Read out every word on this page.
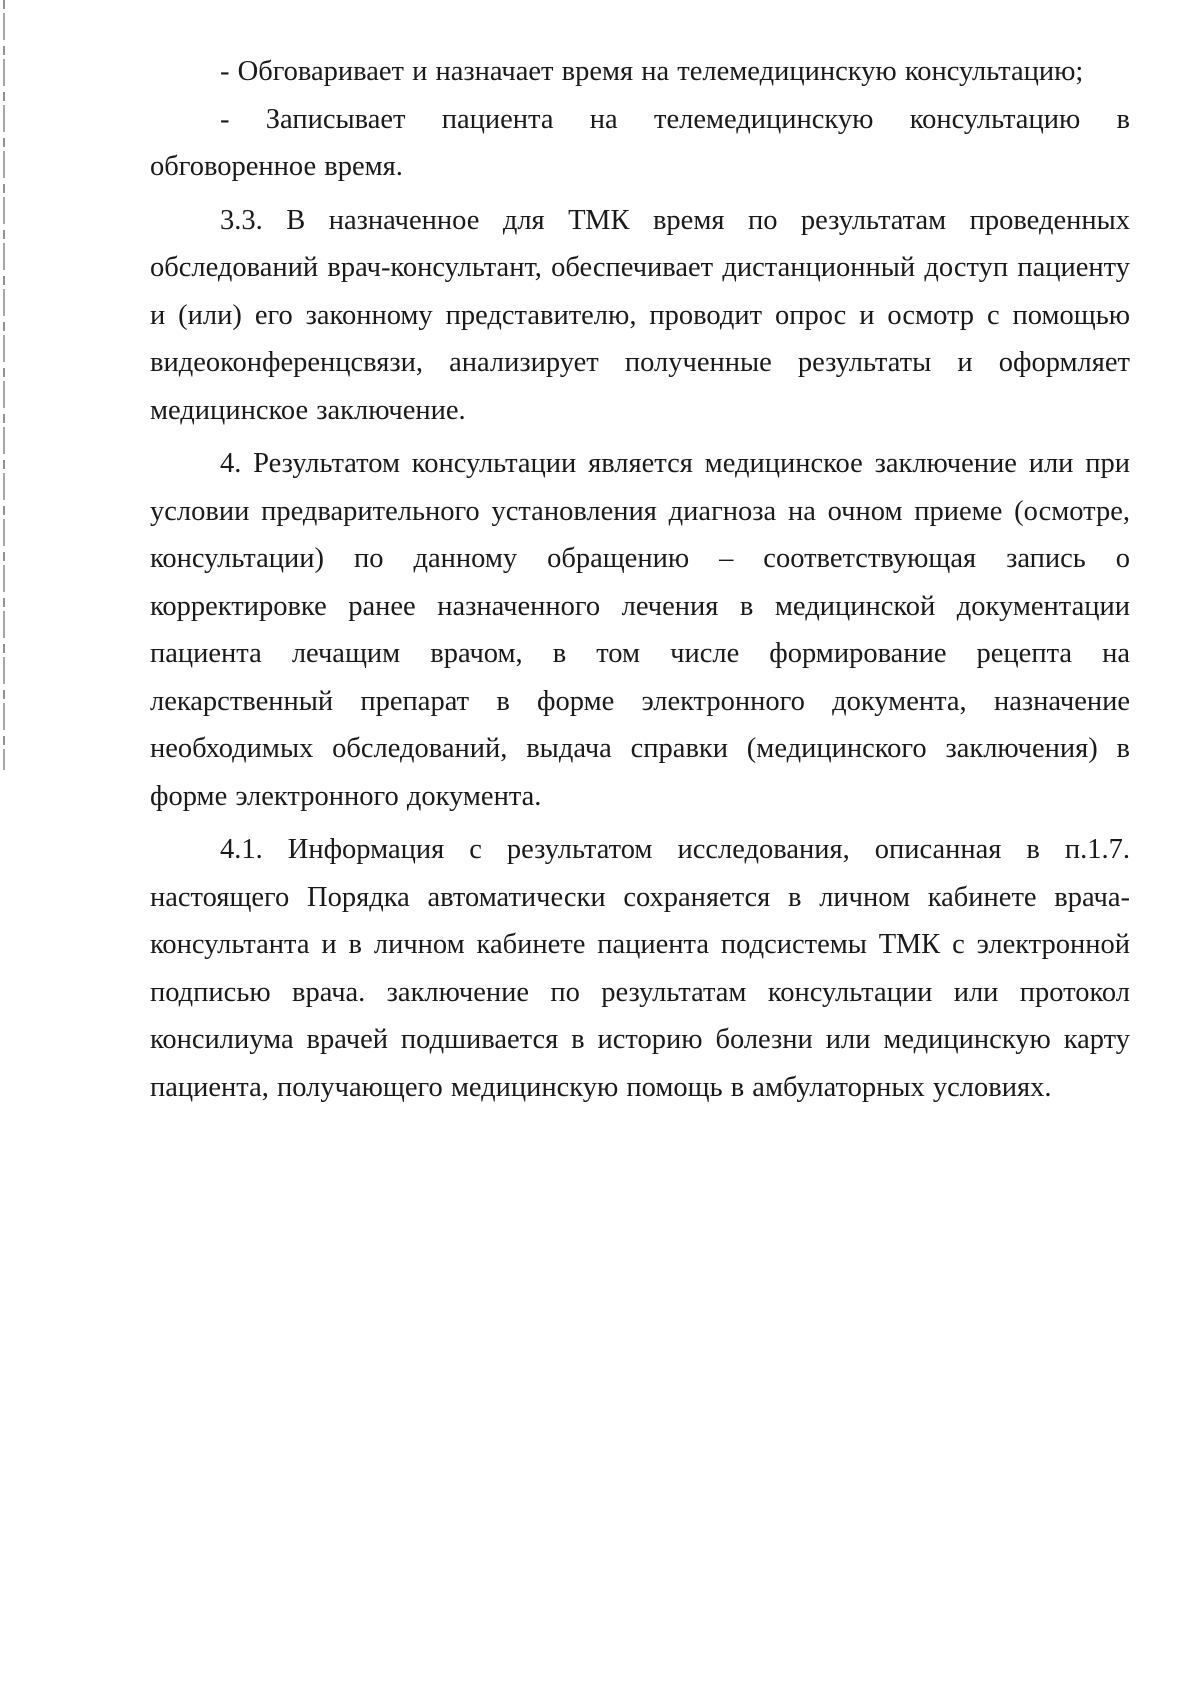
- Обговаривает и назначает время на телемедицинскую консультацию;

- Записывает пациента на телемедицинскую консультацию в обговоренное время.

3.3. В назначенное для ТМК время по результатам проведенных обследований врач-консультант, обеспечивает дистанционный доступ пациенту и (или) его законному представителю, проводит опрос и осмотр с помощью видеоконференцсвязи, анализирует полученные результаты и оформляет медицинское заключение.

4. Результатом консультации является медицинское заключение или при условии предварительного установления диагноза на очном приеме (осмотре, консультации) по данному обращению – соответствующая запись о корректировке ранее назначенного лечения в медицинской документации пациента лечащим врачом, в том числе формирование рецепта на лекарственный препарат в форме электронного документа, назначение необходимых обследований, выдача справки (медицинского заключения) в форме электронного документа.

4.1. Информация с результатом исследования, описанная в п.1.7. настоящего Порядка автоматически сохраняется в личном кабинете врача-консультанта и в личном кабинете пациента подсистемы ТМК с электронной подписью врача. заключение по результатам консультации или протокол консилиума врачей подшивается в историю болезни или медицинскую карту пациента, получающего медицинскую помощь в амбулаторных условиях.
